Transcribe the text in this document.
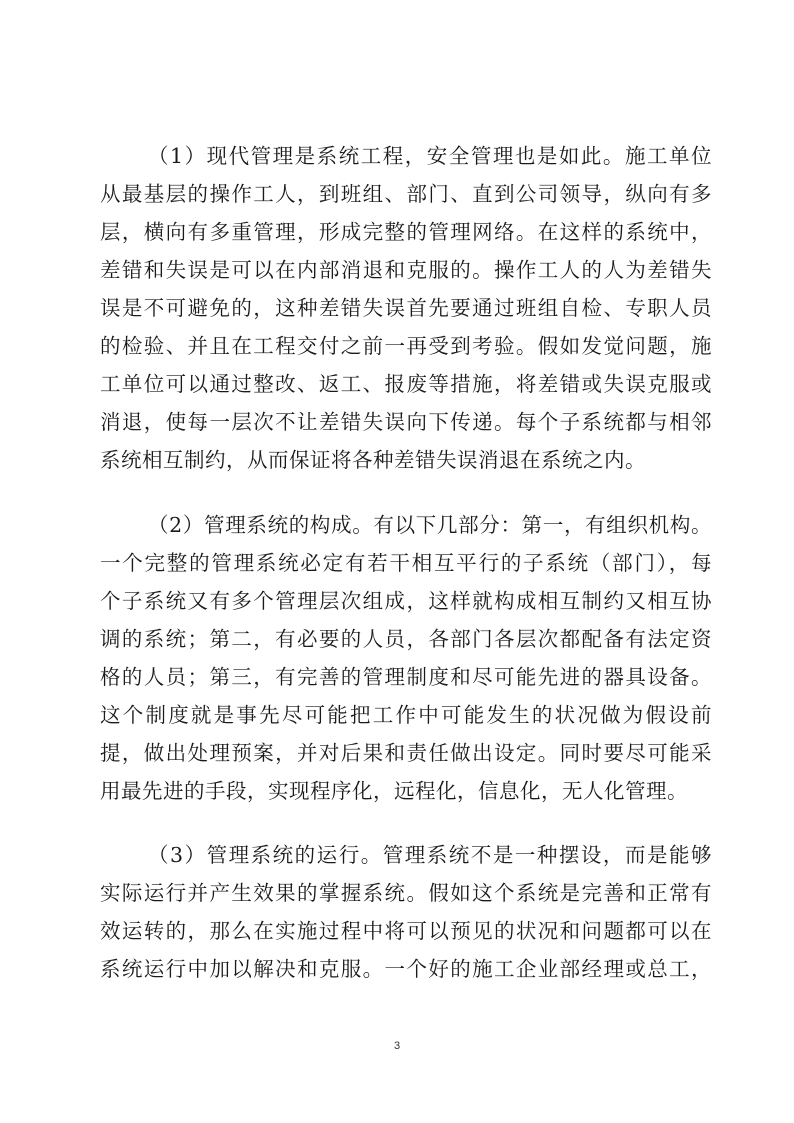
（1）现代管理是系统工程，安全管理也是如此。施工单位
从最基层的操作工人，到班组、部门、直到公司领导，纵向有多
层，横向有多重管理，形成完整的管理网络。在这样的系统中，
差错和失误是可以在内部消退和克服的。操作工人的人为差错失
误是不可避免的，这种差错失误首先要通过班组自检、专职人员
的检验、并且在工程交付之前一再受到考验。假如发觉问题，施
工单位可以通过整改、返工、报废等措施，将差错或失误克服或
消退，使每一层次不让差错失误向下传递。每个子系统都与相邻
系统相互制约，从而保证将各种差错失误消退在系统之内。
（2）管理系统的构成。有以下几部分：第一，有组织机构。
一个完整的管理系统必定有若干相互平行的子系统（部门），每
个子系统又有多个管理层次组成，这样就构成相互制约又相互协
调的系统；第二，有必要的人员，各部门各层次都配备有法定资
格的人员；第三，有完善的管理制度和尽可能先进的器具设备。
这个制度就是事先尽可能把工作中可能发生的状况做为假设前
提，做出处理预案，并对后果和责任做出设定。同时要尽可能采
用最先进的手段，实现程序化，远程化，信息化，无人化管理。
（3）管理系统的运行。管理系统不是一种摆设，而是能够
实际运行并产生效果的掌握系统。假如这个系统是完善和正常有
效运转的，那么在实施过程中将可以预见的状况和问题都可以在
系统运行中加以解决和克服。一个好的施工企业部经理或总工，
3
